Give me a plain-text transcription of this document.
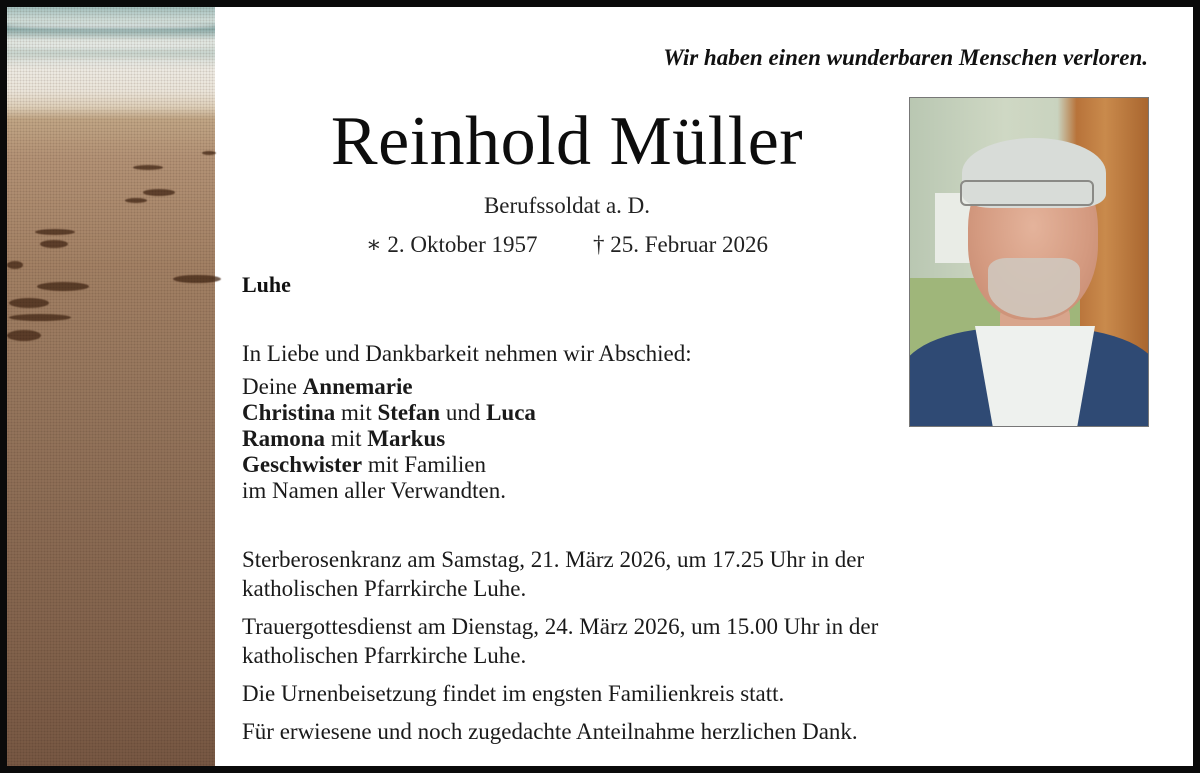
Wir haben einen wunderbaren Menschen verloren.
Reinhold Müller
Berufssoldat a. D.
∗ 2. Oktober 1957 † 25. Februar 2026
Luhe
In Liebe und Dankbarkeit nehmen wir Abschied:
Deine Annemarie
Christina mit Stefan und Luca
Ramona mit Markus
Geschwister mit Familien
im Namen aller Verwandten.

Sterberosenkranz am Samstag, 21. März 2026, um 17.25 Uhr in der
katholischen Pfarrkirche Luhe.

Trauergottesdienst am Dienstag, 24. März 2026, um 15.00 Uhr in der
katholischen Pfarrkirche Luhe.

Die Urnenbeisetzung findet im engsten Familienkreis statt.

Für erwiesene und noch zugedachte Anteilnahme herzlichen Dank.
